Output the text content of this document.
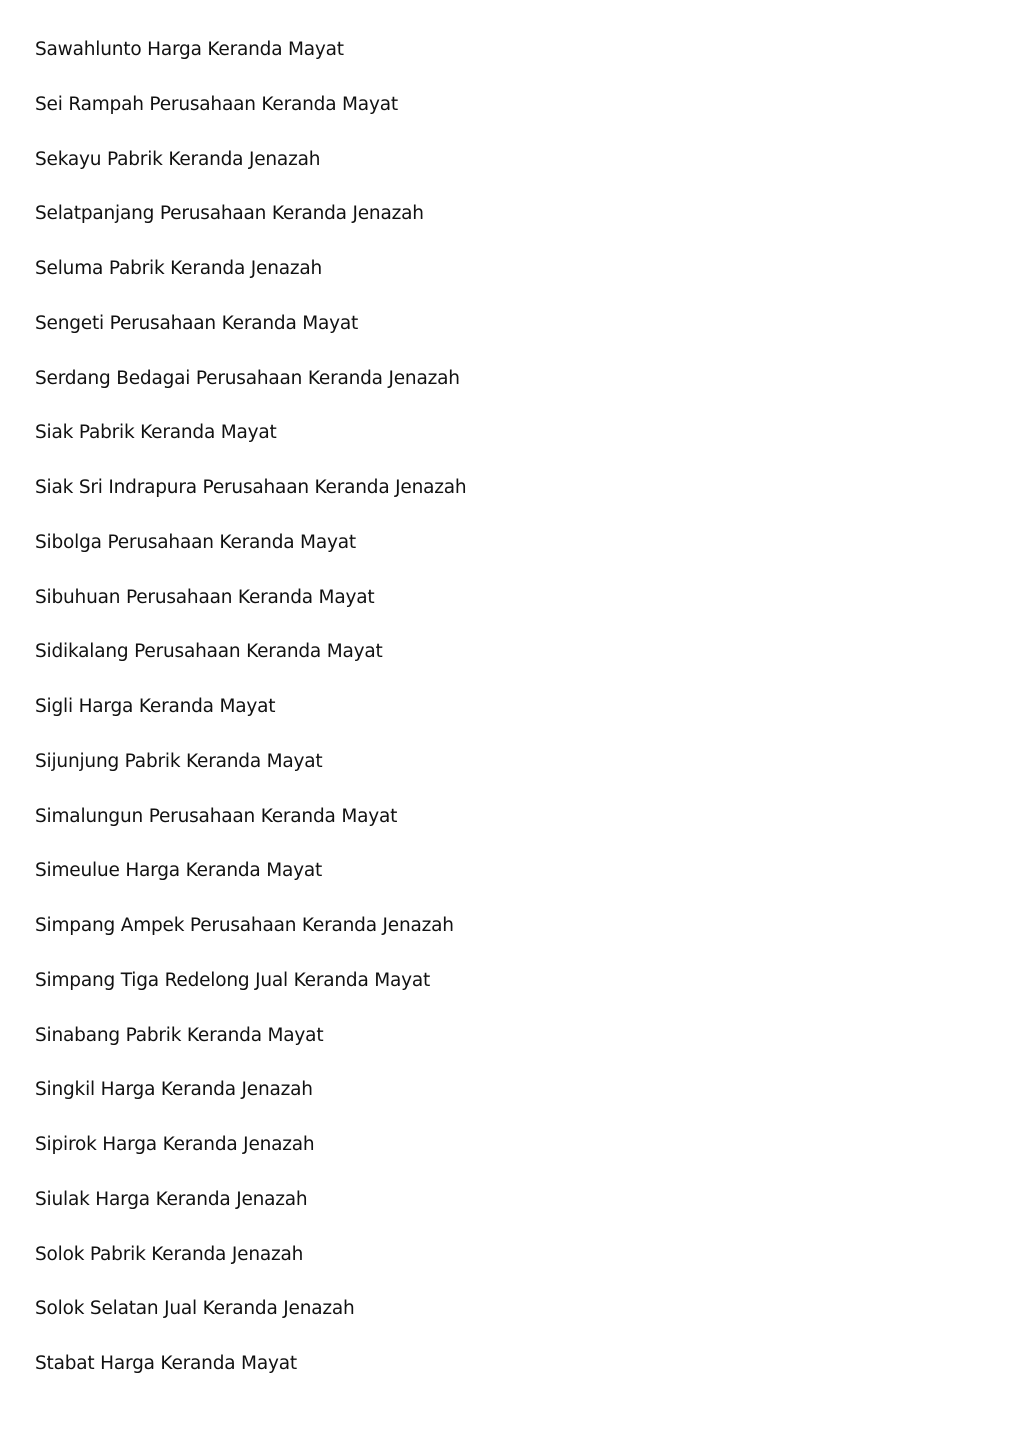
Sawahlunto Harga Keranda Mayat
Sei Rampah Perusahaan Keranda Mayat
Sekayu Pabrik Keranda Jenazah
Selatpanjang Perusahaan Keranda Jenazah
Seluma Pabrik Keranda Jenazah
Sengeti Perusahaan Keranda Mayat
Serdang Bedagai Perusahaan Keranda Jenazah
Siak Pabrik Keranda Mayat
Siak Sri Indrapura Perusahaan Keranda Jenazah
Sibolga Perusahaan Keranda Mayat
Sibuhuan Perusahaan Keranda Mayat
Sidikalang Perusahaan Keranda Mayat
Sigli Harga Keranda Mayat
Sijunjung Pabrik Keranda Mayat
Simalungun Perusahaan Keranda Mayat
Simeulue Harga Keranda Mayat
Simpang Ampek Perusahaan Keranda Jenazah
Simpang Tiga Redelong Jual Keranda Mayat
Sinabang Pabrik Keranda Mayat
Singkil Harga Keranda Jenazah
Sipirok Harga Keranda Jenazah
Siulak Harga Keranda Jenazah
Solok Pabrik Keranda Jenazah
Solok Selatan Jual Keranda Jenazah
Stabat Harga Keranda Mayat
